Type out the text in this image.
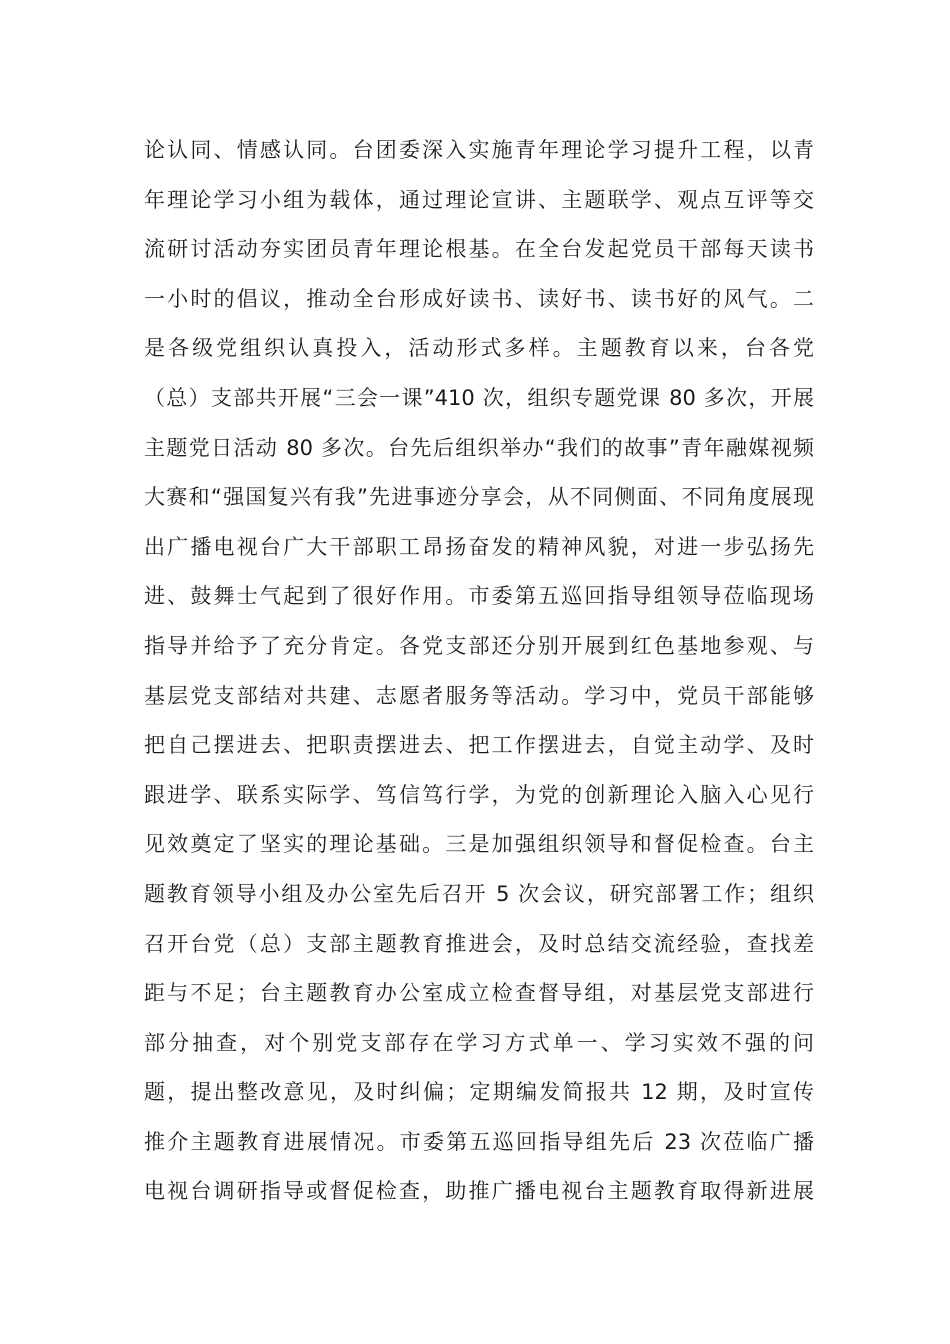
论认同、情感认同。台团委深入实施青年理论学习提升工程，以青
年理论学习小组为载体，通过理论宣讲、主题联学、观点互评等交
流研讨活动夯实团员青年理论根基。在全台发起党员干部每天读书
一小时的倡议，推动全台形成好读书、读好书、读书好的风气。二
是各级党组织认真投入，活动形式多样。主题教育以来，台各党
（总）支部共开展“三会一课”410 次，组织专题党课 80 多次，开展
主题党日活动 80 多次。台先后组织举办“我们的故事”青年融媒视频
大赛和“强国复兴有我”先进事迹分享会，从不同侧面、不同角度展现
出广播电视台广大干部职工昂扬奋发的精神风貌，对进一步弘扬先
进、鼓舞士气起到了很好作用。市委第五巡回指导组领导莅临现场
指导并给予了充分肯定。各党支部还分别开展到红色基地参观、与
基层党支部结对共建、志愿者服务等活动。学习中，党员干部能够
把自己摆进去、把职责摆进去、把工作摆进去，自觉主动学、及时
跟进学、联系实际学、笃信笃行学，为党的创新理论入脑入心见行
见效奠定了坚实的理论基础。三是加强组织领导和督促检查。台主
题教育领导小组及办公室先后召开 5 次会议，研究部署工作；组织
召开台党（总）支部主题教育推进会，及时总结交流经验，查找差
距与不足；台主题教育办公室成立检查督导组，对基层党支部进行
部分抽查，对个别党支部存在学习方式单一、学习实效不强的问
题，提出整改意见，及时纠偏；定期编发简报共 12 期，及时宣传
推介主题教育进展情况。市委第五巡回指导组先后 23 次莅临广播
电视台调研指导或督促检查，助推广播电视台主题教育取得新进展
